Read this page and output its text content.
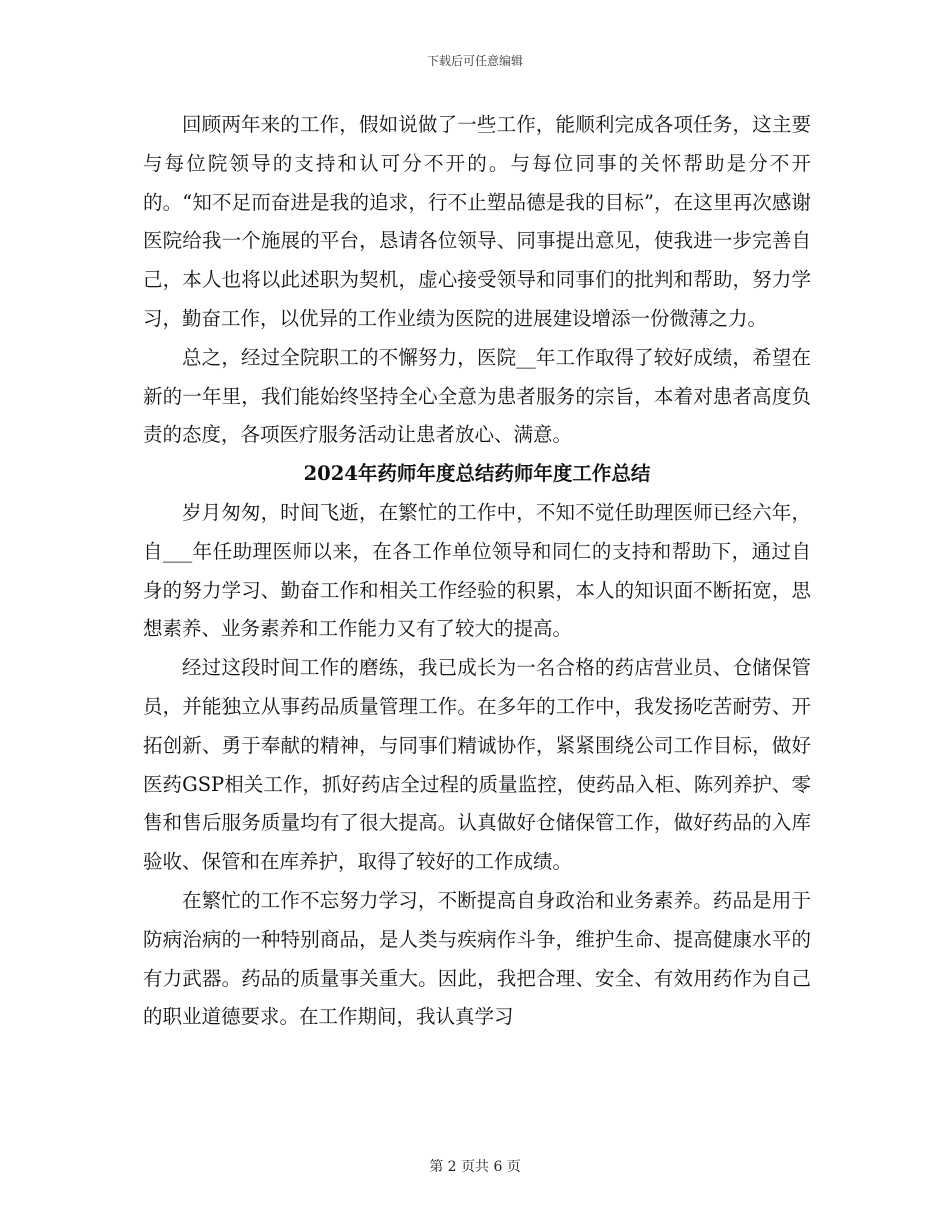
下载后可任意编辑

回顾两年来的工作，假如说做了一些工作，能顺利完成各项任务，这主要与每位院领导的支持和认可分不开的。与每位同事的关怀帮助是分不开的。“知不足而奋进是我的追求，行不止塑品德是我的目标”，在这里再次感谢医院给我一个施展的平台，恳请各位领导、同事提出意见，使我进一步完善自己，本人也将以此述职为契机，虚心接受领导和同事们的批判和帮助，努力学习，勤奋工作，以优异的工作业绩为医院的进展建设增添一份微薄之力。

总之，经过全院职工的不懈努力，医院__年工作取得了较好成绩，希望在新的一年里，我们能始终坚持全心全意为患者服务的宗旨，本着对患者高度负责的态度，各项医疗服务活动让患者放心、满意。

2024年药师年度总结药师年度工作总结

岁月匆匆，时间飞逝，在繁忙的工作中，不知不觉任助理医师已经六年，自___年任助理医师以来，在各工作单位领导和同仁的支持和帮助下，通过自身的努力学习、勤奋工作和相关工作经验的积累，本人的知识面不断拓宽，思想素养、业务素养和工作能力又有了较大的提高。

经过这段时间工作的磨练，我已成长为一名合格的药店营业员、仓储保管员，并能独立从事药品质量管理工作。在多年的工作中，我发扬吃苦耐劳、开拓创新、勇于奉献的精神，与同事们精诚协作，紧紧围绕公司工作目标，做好医药GSP相关工作，抓好药店全过程的质量监控，使药品入柜、陈列养护、零售和售后服务质量均有了很大提高。认真做好仓储保管工作，做好药品的入库验收、保管和在库养护，取得了较好的工作成绩。

在繁忙的工作不忘努力学习，不断提高自身政治和业务素养。药品是用于防病治病的一种特别商品，是人类与疾病作斗争，维护生命、提高健康水平的有力武器。药品的质量事关重大。因此，我把合理、安全、有效用药作为自己的职业道德要求。在工作期间，我认真学习

第 2 页共 6 页
